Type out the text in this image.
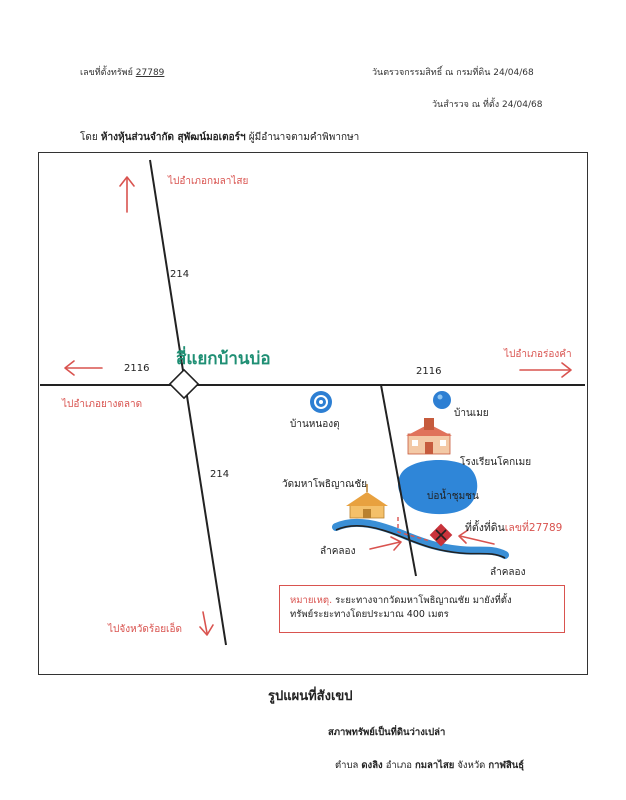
เลขที่ตั้งทรัพย์ 27789	วันตรวจกรรมสิทธิ์ ณ กรมที่ดิน 24/04/68
วันสำรวจ ณ ที่ตั้ง 24/04/68
โดย ห้างหุ้นส่วนจำกัด สุพัฒน์มอเตอร์ฯ ผู้มีอำนาจตามคำพิพากษา
ไปอำเภอกมลาไสย
214
สี่แยกบ้านบ่อ
2116	2116
ไปอำเภอร่องคำ
ไปอำเภอยางตลาด
บ้านหนองตุ
บ้านเมย
โรงเรียนโคกเมย
214
วัดมหาโพธิญาณชัย
บ่อน้ำชุมชน
ที่ตั้งที่ดินเลขที่27789
ลำคลอง
ลำคลอง
ไปจังหวัดร้อยเอ็ด
หมายเหตุ. ระยะทางจากวัดมหาโพธิญาณชัย มายังที่ตั้ง
ทรัพย์ระยะทางโดยประมาณ 400 เมตร
รูปแผนที่สังเขป
สภาพทรัพย์เป็นที่ดินว่างเปล่า
ตำบล ดงลิง อำเภอ กมลาไสย จังหวัด กาฬสินธุ์
